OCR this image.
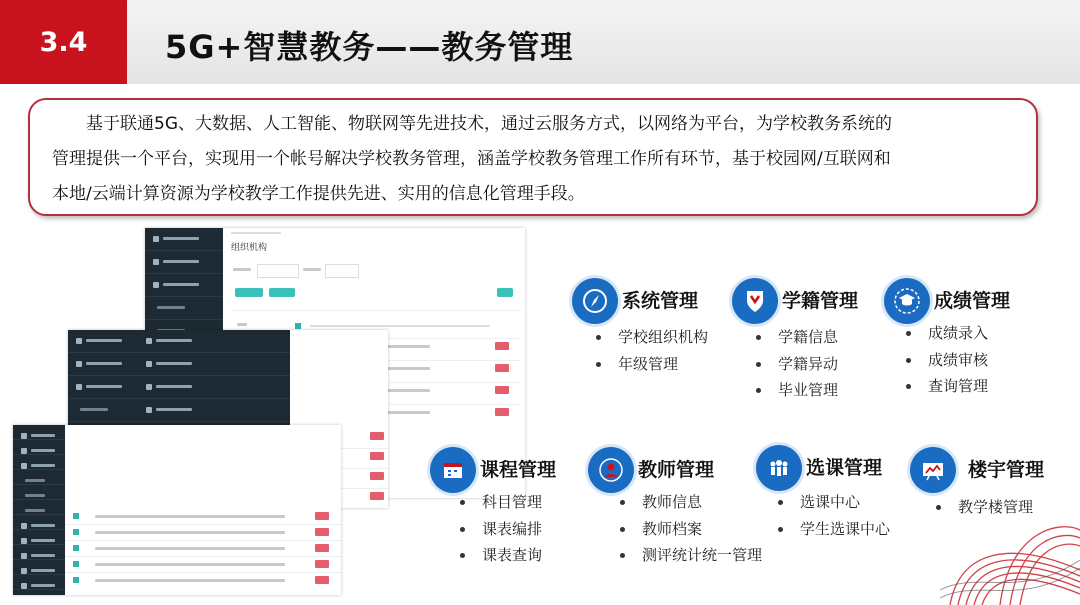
3.4	5G+智慧教务——教务管理

基于联通5G、大数据、人工智能、物联网等先进技术，通过云服务方式，以网络为平台，为学校教务系统的

管理提供一个平台，实现用一个帐号解决学校教务管理，涵盖学校教务管理工作所有环节，基于校园网/互联网和

本地/云端计算资源为学校教学工作提供先进、实用的信息化管理手段。

组织机构
系统管理
学校组织机构
年级管理
学籍管理
学籍信息
学籍异动
毕业管理
成绩管理
成绩录入
成绩审核
查询管理
课程管理
科目管理
课表编排
课表查询
教师管理
教师信息
教师档案
测评统计统一管理
选课管理
选课中心
学生选课中心
楼宇管理
教学楼管理
